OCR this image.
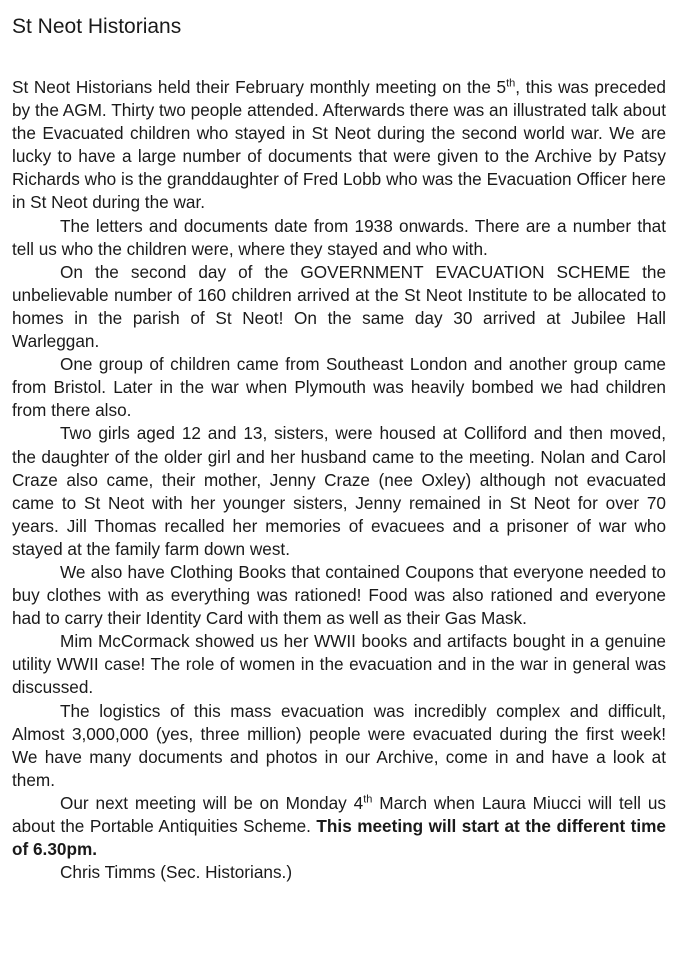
St Neot Historians

St Neot Historians held their February monthly meeting on the 5th, this was preceded by the AGM. Thirty two people attended. Afterwards there was an illustrated talk about the Evacuated children who stayed in St Neot during the second world war. We are lucky to have a large number of documents that were given to the Archive by Patsy Richards who is the granddaughter of Fred Lobb who was the Evacuation Officer here in St Neot during the war.

The letters and documents date from 1938 onwards. There are a number that tell us who the children were, where they stayed and who with.

On the second day of the GOVERNMENT EVACUATION SCHEME the unbelievable number of 160 children arrived at the St Neot Institute to be allocated to homes in the parish of St Neot! On the same day 30 arrived at Jubilee Hall Warleggan.

One group of children came from Southeast London and another group came from Bristol. Later in the war when Plymouth was heavily bombed we had children from there also.

Two girls aged 12 and 13, sisters, were housed at Colliford and then moved, the daughter of the older girl and her husband came to the meeting. Nolan and Carol Craze also came, their mother, Jenny Craze (nee Oxley) although not evacuated came to St Neot with her younger sisters, Jenny remained in St Neot for over 70 years. Jill Thomas recalled her memories of evacuees and a prisoner of war who stayed at the family farm down west.

We also have Clothing Books that contained Coupons that everyone needed to buy clothes with as everything was rationed! Food was also rationed and everyone had to carry their Identity Card with them as well as their Gas Mask.

Mim McCormack showed us her WWII books and artifacts bought in a genuine utility WWII case! The role of women in the evacuation and in the war in general was discussed.

The logistics of this mass evacuation was incredibly complex and difficult, Almost 3,000,000 (yes, three million) people were evacuated during the first week! We have many documents and photos in our Archive, come in and have a look at them.

Our next meeting will be on Monday 4th March when Laura Miucci will tell us about the Portable Antiquities Scheme. This meeting will start at the different time of 6.30pm.

Chris Timms (Sec. Historians.)
